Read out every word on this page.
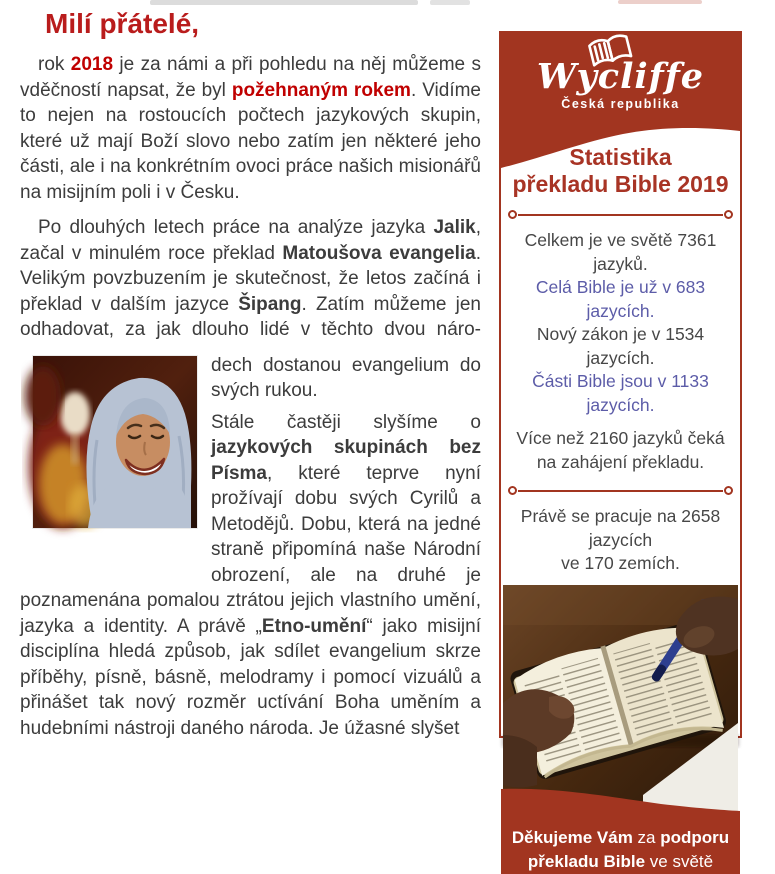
Milí přátelé,

rok 2018 je za námi a při pohledu na něj můžeme s vděčností napsat, že byl požehnaným rokem. Vidíme to nejen na rostoucích počtech jazykových skupin, které už mají Boží slovo nebo zatím jen některé jeho části, ale i na konkrétním ovoci práce našich misionářů na misijním poli i v Česku.

Po dlouhých letech práce na analýze jazyka Jalik, začal v minulém roce překlad Matoušova evangelia. Velikým povzbuzením je skutečnost, že letos začíná i překlad v dalším jazyce Šipang. Zatím můžeme jen odhadovat, za jak dlouho lidé v těchto dvou náro-

dech dostanou evangelium do svých rukou.

Stále častěji slyšíme o jazykových skupinách bez Písma, které teprve nyní prožívají dobu svých Cyrilů a Metodějů. Dobu, která na jedné straně připomíná naše Národní obrození, ale na druhé je poznamenána pomalou ztrátou jejich vlastního umění, jazyka a identity. A právě „Etno-umění“ jako misijní disciplína hledá způsob, jak sdílet evangelium skrze příběhy, písně, básně, melodramy i pomocí vizuálů a přinášet tak nový rozměr uctívání Boha uměním a hudebními nástroji daného národa. Je úžasné slyšet

Wycliffe
Česká republika
Statistika
překladu Bible 2019
Celkem je ve světě 7361 jazyků.
Celá Bible je už v 683 jazycích.
Nový zákon je v 1534 jazycích.
Části Bible jsou v 1133 jazycích.
Více než 2160 jazyků čeká
na zahájení překladu.
Právě se pracuje na 2658 jazycích
ve 170 zemích.
Děkujeme Vám za podporu
překladu Bible ve světě
